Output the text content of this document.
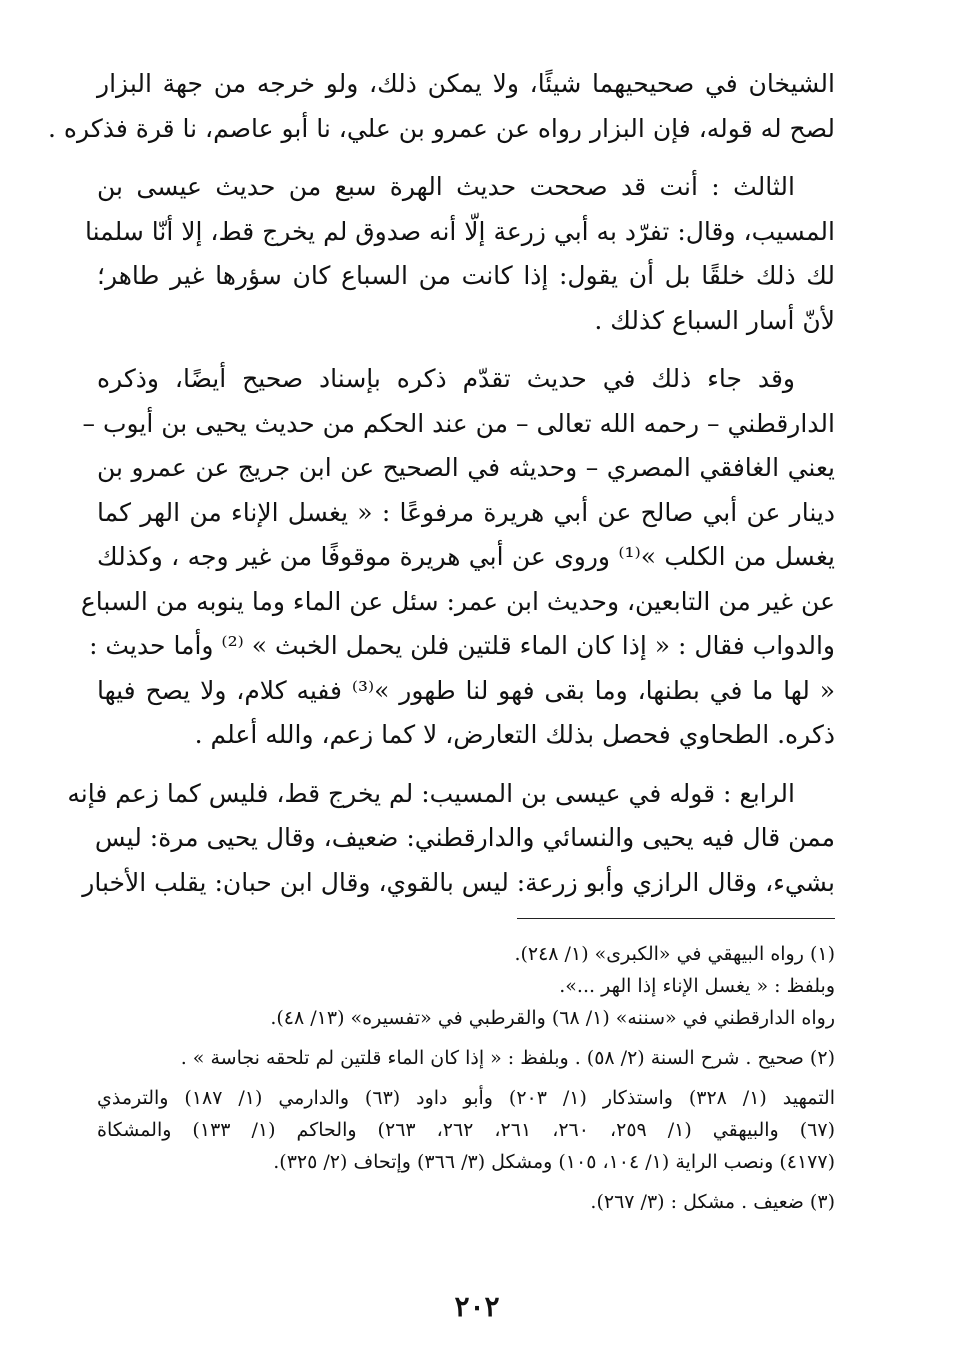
الشيخان في صحيحيهما شيئًا، ولا يمكن ذلك، ولو خرجه من جهة البزار
لصح له قوله، فإن البزار رواه عن عمرو بن علي، نا أبو عاصم، نا قرة فذكره .
الثالث : أنت قد صححت حديث الهرة سبع من حديث عيسى بن
المسيب، وقال: تفرّد به أبي زرعة إلّا أنه صدوق لم يخرج قط، إلا أنّا سلمنا
لك ذلك خلقًا بل أن يقول: إذا كانت من السباع كان سؤرها غير طاهر؛
لأنّ أسار السباع كذلك .
وقد جاء ذلك في حديث تقدّم ذكره بإسناد صحيح أيضًا، وذكره
الدارقطني – رحمه الله تعالى – من عند الحكم من حديث يحيى بن أيوب –
يعني الغافقي المصري – وحديثه في الصحيح عن ابن جريج عن عمرو بن
دينار عن أبي صالح عن أبي هريرة مرفوعًا : « يغسل الإناء من الهر كما
يغسل من الكلب »⁽¹⁾ وروى عن أبي هريرة موقوفًا من غير وجه ، وكذلك
عن غير من التابعين، وحديث ابن عمر: سئل عن الماء وما ينوبه من السباع
والدواب فقال : « إذا كان الماء قلتين فلن يحمل الخبث » ⁽²⁾ وأما حديث :
« لها ما في بطنها، وما بقى فهو لنا طهور »⁽³⁾ ففيه كلام، ولا يصح فيها
ذكره. الطحاوي فحصل بذلك التعارض، لا كما زعم، والله أعلم .
الرابع : قوله في عيسى بن المسيب: لم يخرج قط، فليس كما زعم فإنه
ممن قال فيه يحيى والنسائي والدارقطني: ضعيف، وقال يحيى مرة: ليس
بشيء، وقال الرازي وأبو زرعة: ليس بالقوي، وقال ابن حبان: يقلب الأخبار
(١) رواه البيهقي في «الكبرى» (١/ ٢٤٨).
وبلفظ : « يغسل الإناء إذا الهر ...».
رواه الدارقطني في «سننه» (١/ ٦٨) والقرطبي في «تفسيره» (١٣/ ٤٨).
(٢) صحيح . شرح السنة (٢/ ٥٨) . وبلفظ : « إذا كان الماء قلتين لم تلحقه نجاسة » .
التمهيد (١/ ٣٢٨) واستذكار (١/ ٢٠٣) وأبو داود (٦٣) والدارمي (١/ ١٨٧) والترمذي
(٦٧) والبيهقي (١/ ٢٥٩، ٢٦٠، ٢٦١، ٢٦٢، ٢٦٣) والحاكم (١/ ١٣٣) والمشكاة
(٤١٧٧) ونصب الراية (١/ ١٠٤، ١٠٥) ومشكل (٣/ ٣٦٦) وإتحاف (٢/ ٣٢٥).
(٣) ضعيف . مشكل : (٣/ ٢٦٧).
٢٠٢
